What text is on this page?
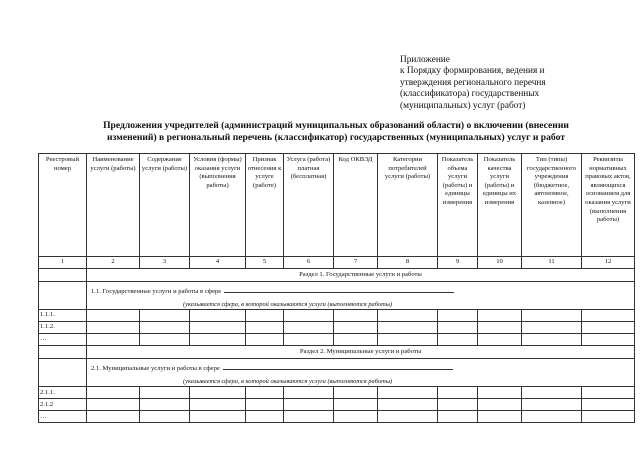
Приложение
к Порядку формирования, ведения и
утверждения регионального перечня
(классификатора) государственных
(муниципальных) услуг (работ)
Предложения учредителей (администраций муниципальных образований области) о включении (внесении
изменений) в региональный перечень (классификатор) государственных (муниципальных) услуг и работ
Реестровый номер	Наименование услуги (работы)	Содержание услуги (работы)	Условия (формы) оказания услуги (выполнения работы)	Признак отнесения к услуге (работе)	Услуга (работа) платная (бесплатная)	Код ОКВЭД	Категории потребителей услуги (работы)	Показатель объема услуги (работы) и единицы измерения	Показатель качества услуги (работы) и единицы их измерения	Тип (типы) государственного учреждения (бюджетное, автономное, казенное)	Реквизиты нормативных правовых актов, являющихся основанием для оказания услуги (выполнения работы)
1	2	3	4	5	6	7	8	9	10	11	12
	Раздел 1. Государственные услуги и работы										

	1.1. Государственные услуги и работы в сфере
(указывается сфера, в которой оказываются услуги (выполняются работы)										

1.1.1.											
1.1.2.											
…											
	Раздел 2. Муниципальные услуги и работы										

	2.1. Муниципальные услуги и работы в сфере
(указывается сфера, в которой оказываются услуги (выполняются работы)										

2.1.1.											
2.1.2											
…											
